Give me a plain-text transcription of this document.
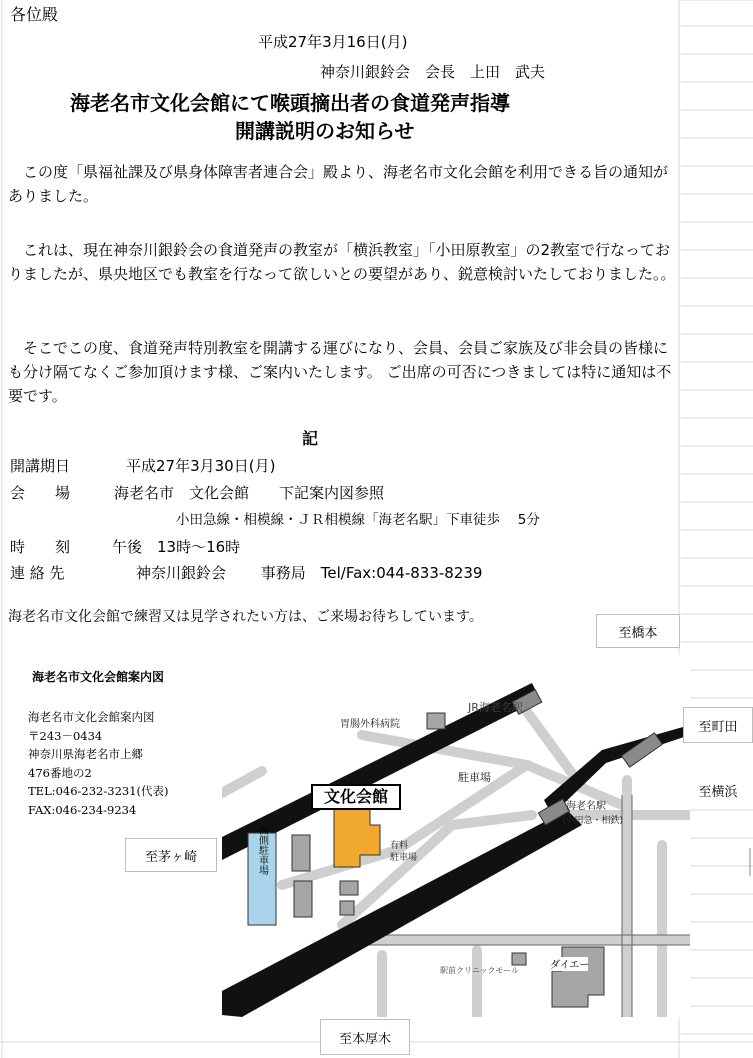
各位殿
平成27年3月16日(月)
神奈川銀鈴会　会長　上田　武夫
海老名市文化会館にて喉頭摘出者の食道発声指導
開講説明のお知らせ
この度「県福祉課及び県身体障害者連合会」殿より、海老名市文化会館を利用できる旨の通知がありました。
これは、現在神奈川銀鈴会の食道発声の教室が「横浜教室」「小田原教室」の2教室で行なっておりましたが、県央地区でも教室を行なって欲しいとの要望があり、鋭意検討いたしておりました。。
そこでこの度、食道発声特別教室を開講する運びになり、会員、会員ご家族及び非会員の皆様にも分け隔てなくご参加頂けます様、ご案内いたします。 ご出席の可否につきましては特に通知は不要です。
記
開講期日	平成27年3月30日(月)
会　　場	海老名市　文化会館　　下記案内図参照
小田急線・相模線・ＪＲ相模線「海老名駅」下車徒歩　 5分
時　　刻	午後　13時～16時
連 絡 先	神奈川銀鈴会　　 事務局　Tel/Fax:044-833-8239
海老名市文化会館で練習又は見学されたい方は、ご来場お待ちしています。
海老名市文化会館案内図
海老名市文化会館案内図
〒243－0434
神奈川県海老名市上郷
476番地の2
TEL:046-232-3231(代表)
FAX:046-234-9234
JR海老名駅
胃腸外科病院
駐車場
文化会館
有料
駐車場
西側駐車場
海老名駅
(小田急・相鉄)
駅前クリニックモール	ダイエー
至橋本
至町田
至横浜
至茅ヶ崎
至本厚木
